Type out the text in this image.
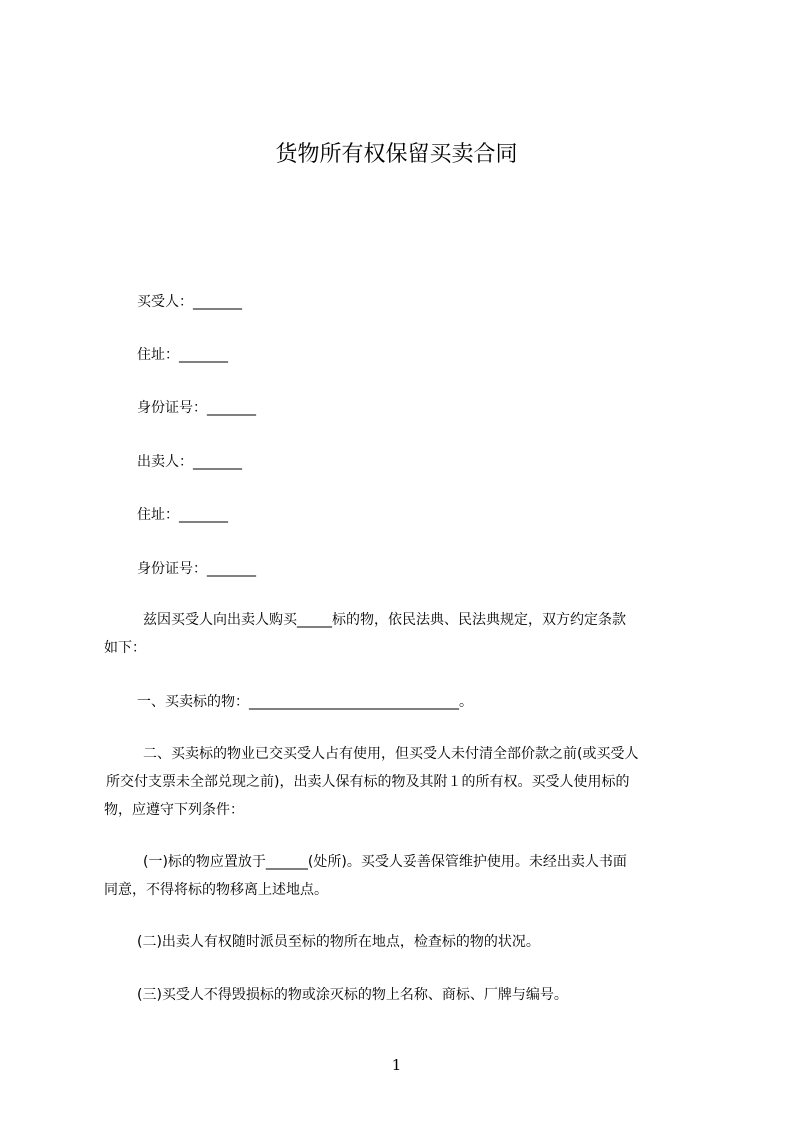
货物所有权保留买卖合同
买受人：_______
住址：_______
身份证号：_______
出卖人：_______
住址：_______
身份证号：_______
兹因买受人向出卖人购买_____标的物，依民法典、民法典规定，双方约定条款
如下：
一、买卖标的物：______________________________。
二、买卖标的物业已交买受人占有使用，但买受人未付清全部价款之前(或买受人
所交付支票未全部兑现之前)，出卖人保有标的物及其附１的所有权。买受人使用标的
物，应遵守下列条件：
(一)标的物应置放于______(处所)。买受人妥善保管维护使用。未经出卖人书面
同意，不得将标的物移离上述地点。
(二)出卖人有权随时派员至标的物所在地点，检查标的物的状况。
(三)买受人不得毁损标的物或涂灭标的物上名称、商标、厂牌与编号。
1
